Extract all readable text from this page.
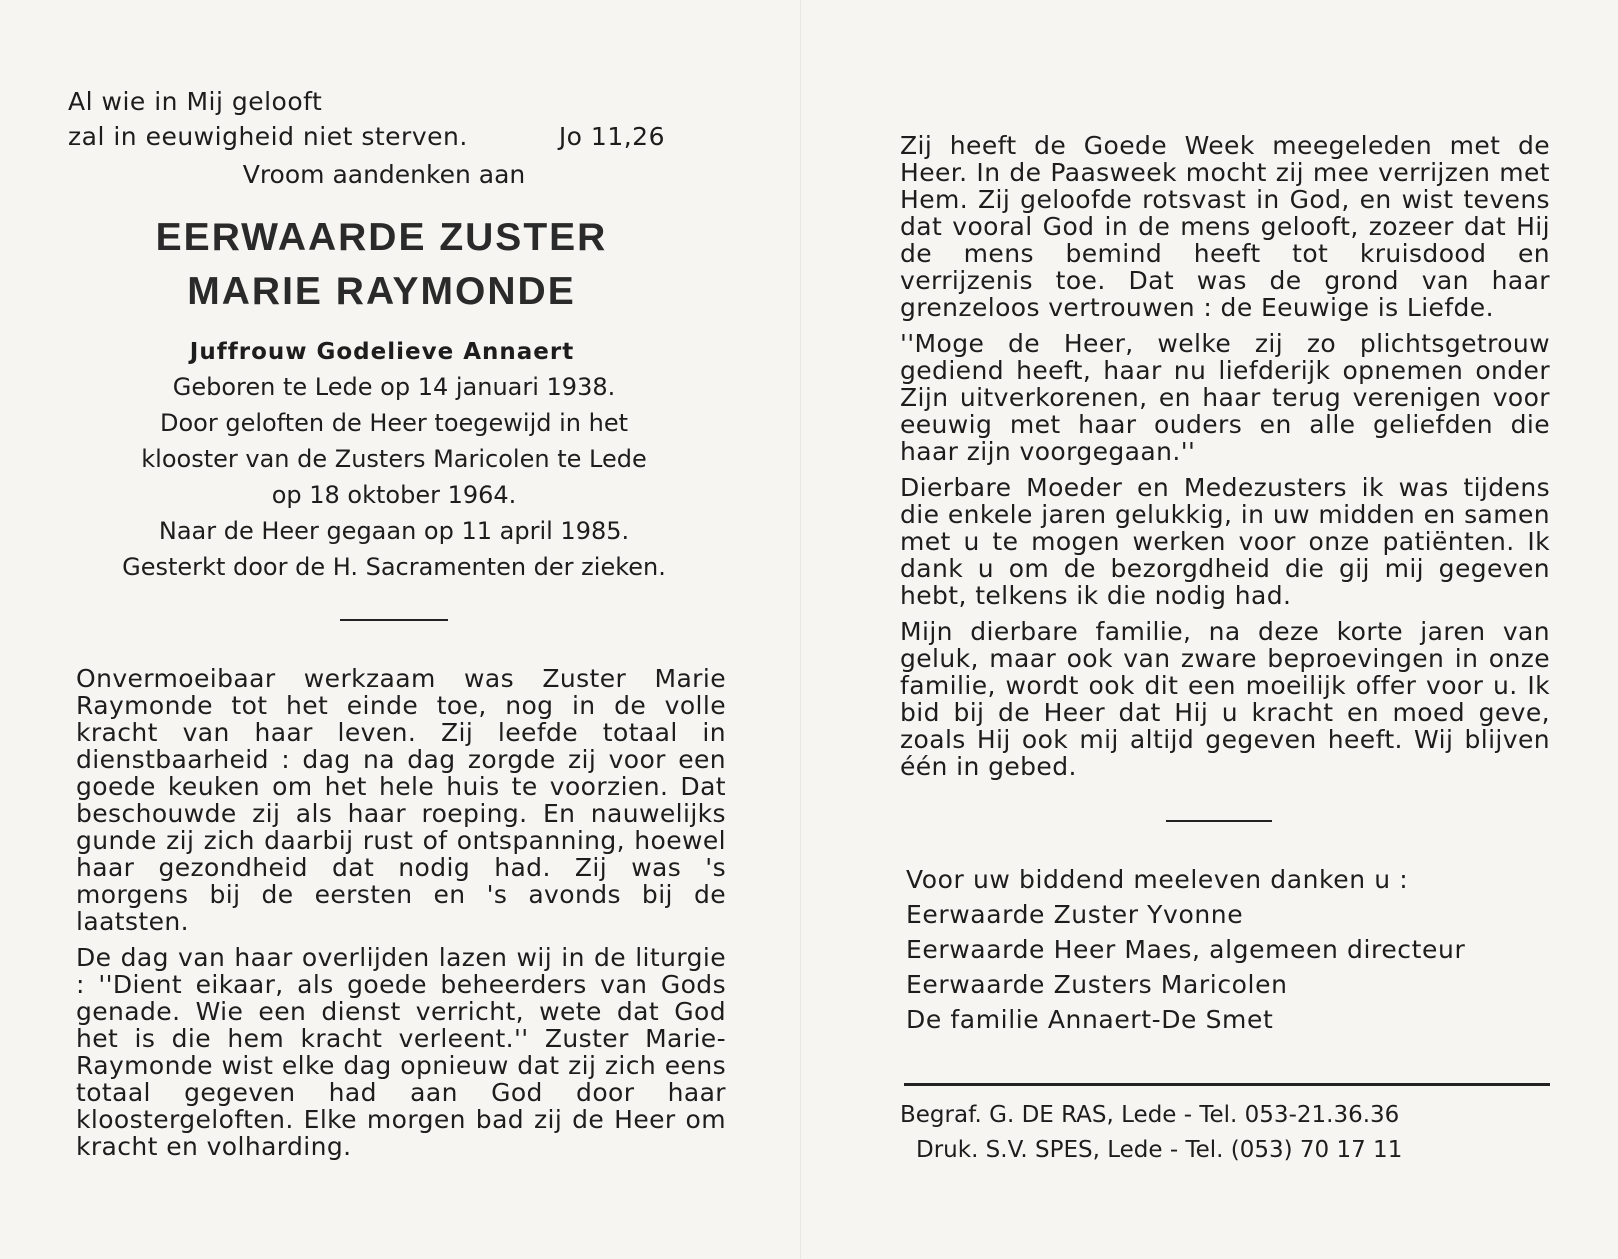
Al wie in Mij gelooft
zal in eeuwigheid niet sterven.	Jo 11,26
Vroom aandenken aan
EERWAARDE ZUSTER
MARIE RAYMONDE
Juffrouw Godelieve Annaert
Geboren te Lede op 14 januari 1938.
Door geloften de Heer toegewijd in het
klooster van de Zusters Maricolen te Lede
op 18 oktober 1964.
Naar de Heer gegaan op 11 april 1985.
Gesterkt door de H. Sacramenten der zieken.

Onvermoeibaar werkzaam was Zuster Marie Raymonde tot het einde toe, nog in de volle kracht van haar leven. Zij leefde totaal in dienstbaarheid : dag na dag zorgde zij voor een goede keuken om het hele huis te voorzien. Dat beschouwde zij als haar roeping. En nauwelijks gunde zij zich daarbij rust of ontspanning, hoewel haar gezondheid dat nodig had. Zij was 's morgens bij de eersten en 's avonds bij de laatsten.

De dag van haar overlijden lazen wij in de liturgie : ''Dient eikaar, als goede beheerders van Gods genade. Wie een dienst verricht, wete dat God het is die hem kracht verleent.'' Zuster Marie-Raymonde wist elke dag opnieuw dat zij zich eens totaal gegeven had aan God door haar kloostergeloften. Elke morgen bad zij de Heer om kracht en volharding.

Zij heeft de Goede Week meegeleden met de Heer. In de Paasweek mocht zij mee verrijzen met Hem. Zij geloofde rotsvast in God, en wist tevens dat vooral God in de mens gelooft, zozeer dat Hij de mens bemind heeft tot kruisdood en verrijzenis toe. Dat was de grond van haar grenzeloos vertrouwen : de Eeuwige is Liefde.

''Moge de Heer, welke zij zo plichtsgetrouw gediend heeft, haar nu liefderijk opnemen onder Zijn uitverkorenen, en haar terug verenigen voor eeuwig met haar ouders en alle geliefden die haar zijn voorgegaan.''

Dierbare Moeder en Medezusters ik was tijdens die enkele jaren gelukkig, in uw midden en samen met u te mogen werken voor onze patiënten. Ik dank u om de bezorgdheid die gij mij gegeven hebt, telkens ik die nodig had.

Mijn dierbare familie, na deze korte jaren van geluk, maar ook van zware beproevingen in onze familie, wordt ook dit een moeilijk offer voor u. Ik bid bij de Heer dat Hij u kracht en moed geve, zoals Hij ook mij altijd gegeven heeft. Wij blijven één in gebed.

Voor uw biddend meeleven danken u :
Eerwaarde Zuster Yvonne
Eerwaarde Heer Maes, algemeen directeur
Eerwaarde Zusters Maricolen
De familie Annaert-De Smet
Begraf. G. DE RAS, Lede - Tel. 053-21.36.36
Druk. S.V. SPES, Lede - Tel. (053) 70 17 11
